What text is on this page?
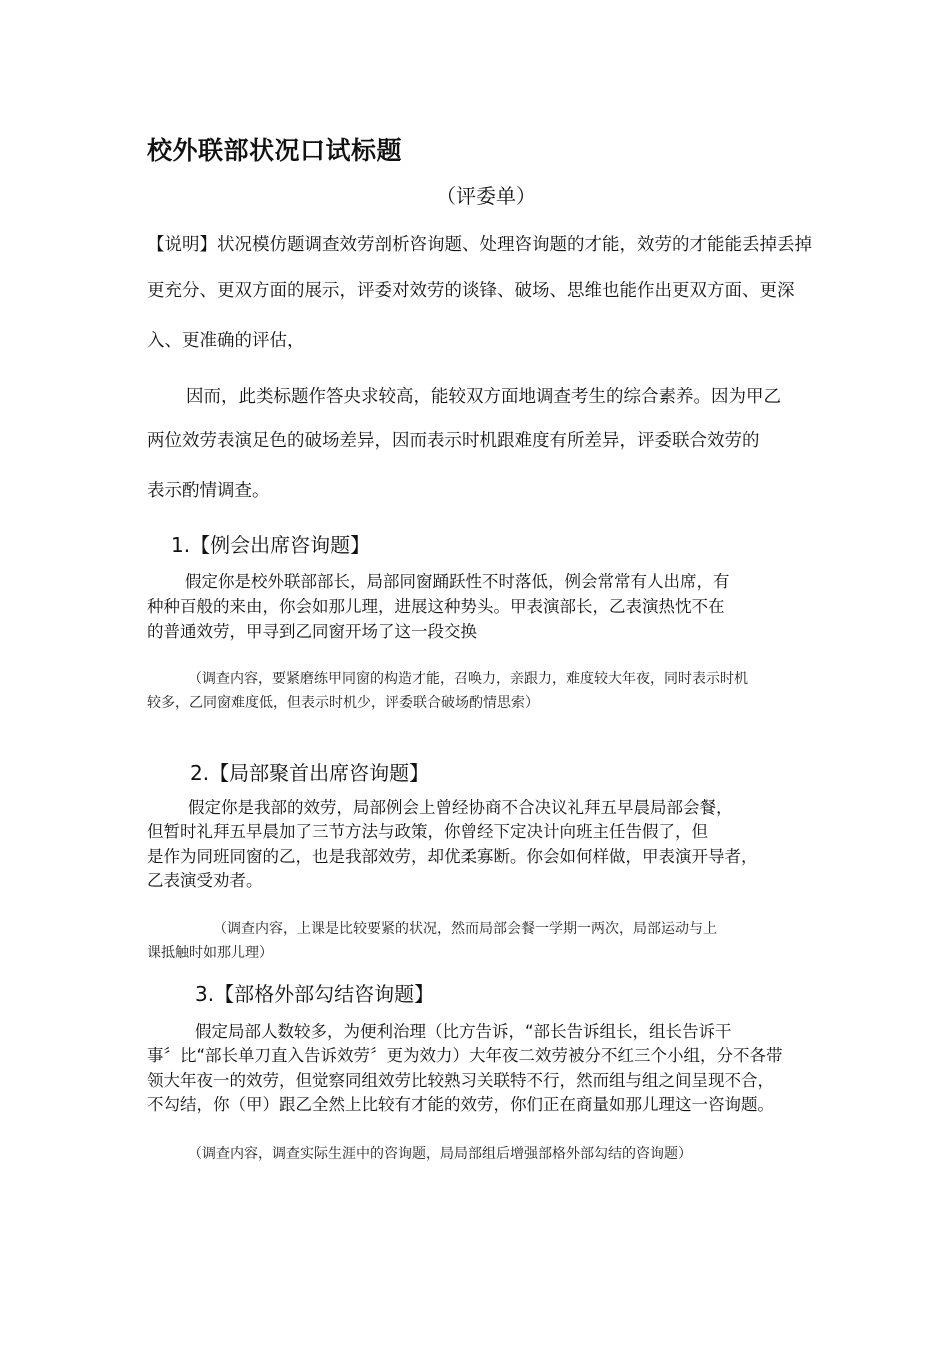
校外联部状况口试标题
（评委单）
【说明】状况模仿题调查效劳剖析咨询题、处理咨询题的才能，效劳的才能能丢掉丢掉
更充分、更双方面的展示，评委对效劳的谈锋、破场、思维也能作出更双方面、更深
入、更准确的评估，
因而，此类标题作答央求较高，能较双方面地调查考生的综合素养。因为甲乙
两位效劳表演足色的破场差异，因而表示时机跟难度有所差异，评委联合效劳的
表示酌情调查。
1.【例会出席咨询题】
假定你是校外联部部长，局部同窗踊跃性不时落低，例会常常有人出席，有
种种百般的来由，你会如那儿理，进展这种势头。甲表演部长，乙表演热忱不在
的普通效劳，甲寻到乙同窗开场了这一段交换
（调查内容，要紧磨练甲同窗的构造才能，召唤力，亲跟力，难度较大年夜，同时表示时机
较多，乙同窗难度低，但表示时机少，评委联合破场酌情思索）
2.【局部聚首出席咨询题】
假定你是我部的效劳，局部例会上曾经协商不合决议礼拜五早晨局部会餐，
但暂时礼拜五早晨加了三节方法与政策，你曾经下定决计向班主任告假了，但
是作为同班同窗的乙，也是我部效劳，却优柔寡断。你会如何样做，甲表演开导者，
乙表演受劝者。
（调查内容，上课是比较要紧的状况，然而局部会餐一学期一两次，局部运动与上
课抵触时如那儿理）
3.【部格外部勾结咨询题】
假定局部人数较多，为便利治理（比方告诉，“部长告诉组长，组长告诉干
事〞比“部长单刀直入告诉效劳〞更为效力）大年夜二效劳被分不红三个小组，分不各带
领大年夜一的效劳，但觉察同组效劳比较熟习关联特不行，然而组与组之间呈现不合，
不勾结，你（甲）跟乙全然上比较有才能的效劳，你们正在商量如那儿理这一咨询题。
（调查内容，调查实际生涯中的咨询题，局局部组后增强部格外部勾结的咨询题）
